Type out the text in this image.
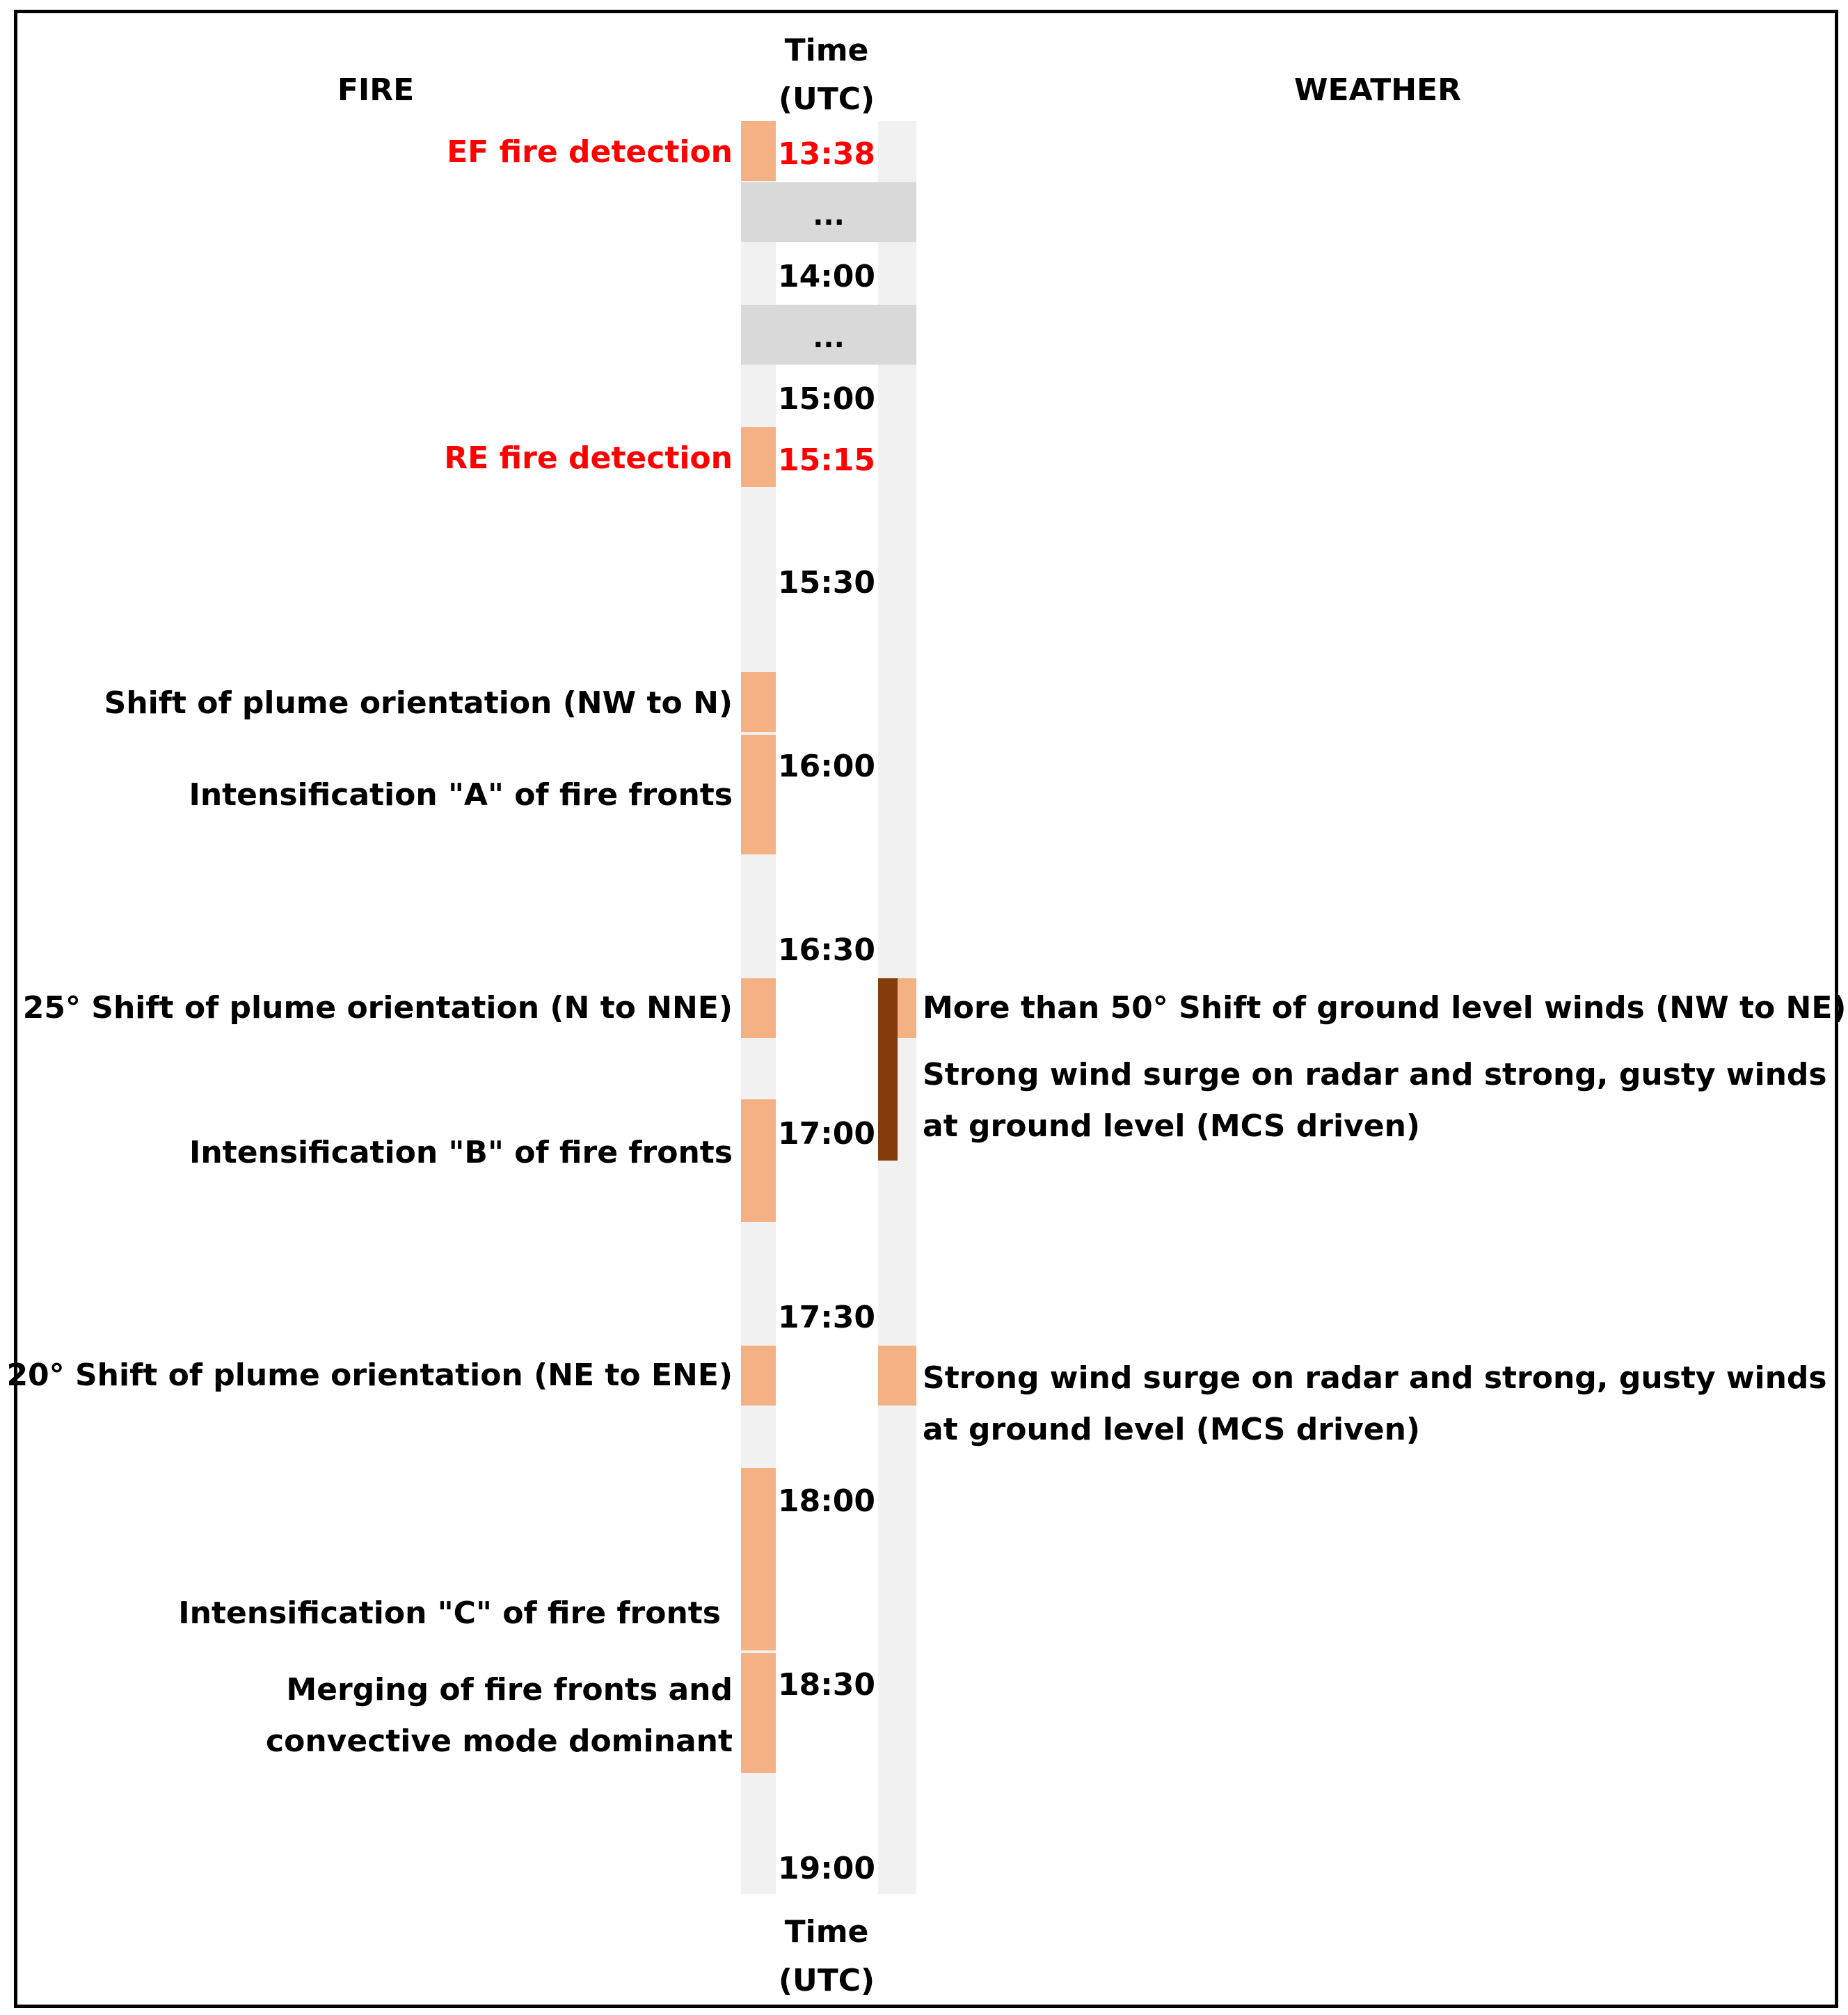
FIRE	WEATHER
Time
(UTC)
Time
(UTC)
...
...
13:38
14:00
15:00
15:15
15:30
16:00
16:30
17:00
17:30
18:00
18:30
19:00
EF fire detection
RE fire detection
Shift of plume orientation (NW to N)
Intensification "A" of fire fronts
25° Shift of plume orientation (N to NNE)
Intensification "B" of fire fronts
20° Shift of plume orientation (NE to ENE)
Intensification "C" of fire fronts
Merging of fire fronts and
convective mode dominant
More than 50° Shift of ground level winds (NW to NE)
Strong wind surge on radar and strong, gusty winds
at ground level (MCS driven)
Strong wind surge on radar and strong, gusty winds
at ground level (MCS driven)
